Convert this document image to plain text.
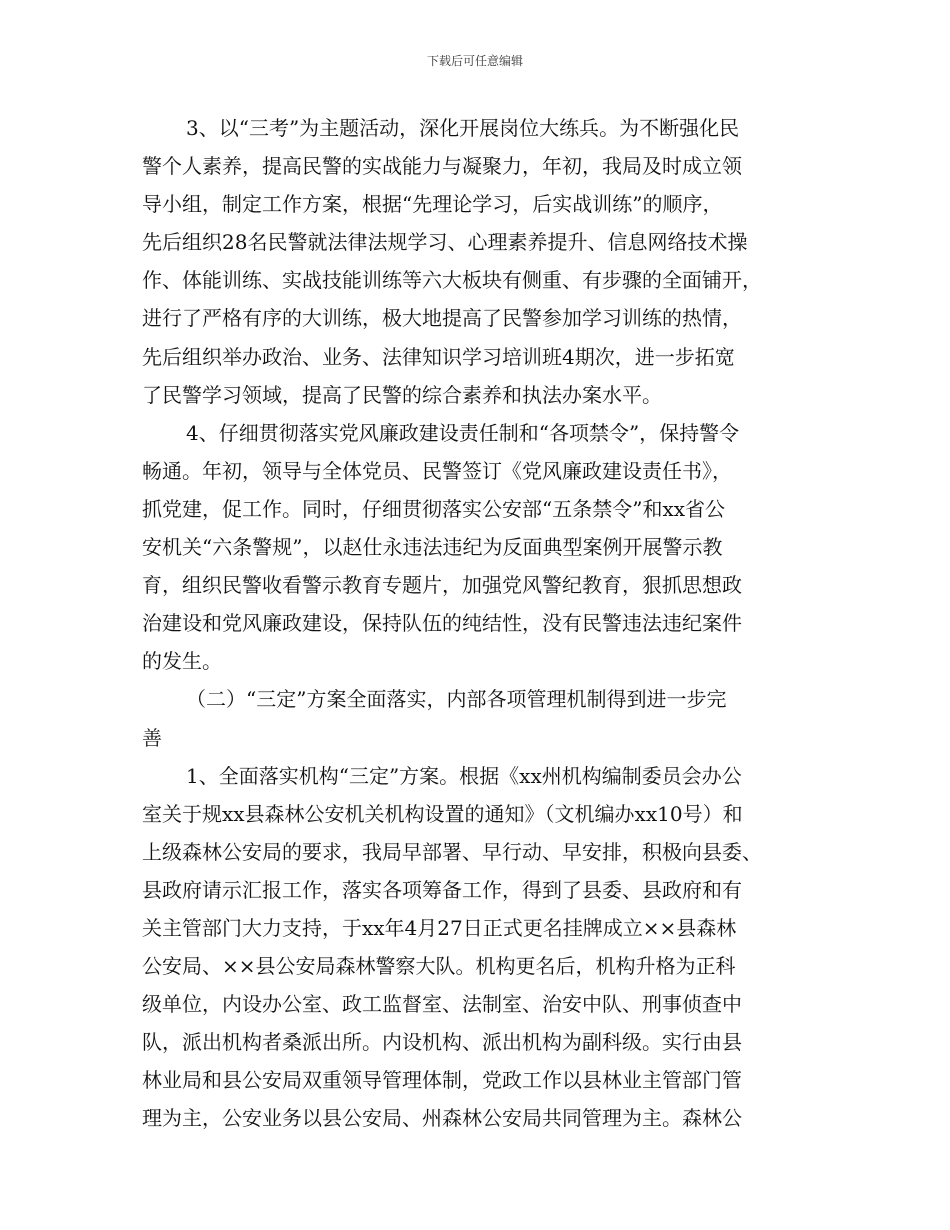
下载后可任意编辑
3、以“三考”为主题活动，深化开展岗位大练兵。为不断强化民
警个人素养，提高民警的实战能力与凝聚力，年初，我局及时成立领
导小组，制定工作方案，根据“先理论学习，后实战训练”的顺序，
先后组织28名民警就法律法规学习、心理素养提升、信息网络技术操
作、体能训练、实战技能训练等六大板块有侧重、有步骤的全面铺开，
进行了严格有序的大训练，极大地提高了民警参加学习训练的热情，
先后组织举办政治、业务、法律知识学习培训班4期次，进一步拓宽
了民警学习领域，提高了民警的综合素养和执法办案水平。
4、仔细贯彻落实党风廉政建设责任制和“各项禁令”，保持警令
畅通。年初，领导与全体党员、民警签订《党风廉政建设责任书》，
抓党建，促工作。同时，仔细贯彻落实公安部“五条禁令”和xx省公
安机关“六条警规”，以赵仕永违法违纪为反面典型案例开展警示教
育，组织民警收看警示教育专题片，加强党风警纪教育，狠抓思想政
治建设和党风廉政建设，保持队伍的纯结性，没有民警违法违纪案件
的发生。
（二）“三定”方案全面落实，内部各项管理机制得到进一步完
善
1、全面落实机构“三定”方案。根据《xx州机构编制委员会办公
室关于规xx县森林公安机关机构设置的通知》（文机编办xx10号）和
上级森林公安局的要求，我局早部署、早行动、早安排，积极向县委、
县政府请示汇报工作，落实各项筹备工作，得到了县委、县政府和有
关主管部门大力支持，于xx年4月27日正式更名挂牌成立××县森林
公安局、××县公安局森林警察大队。机构更名后，机构升格为正科
级单位，内设办公室、政工监督室、法制室、治安中队、刑事侦查中
队，派出机构者桑派出所。内设机构、派出机构为副科级。实行由县
林业局和县公安局双重领导管理体制，党政工作以县林业主管部门管
理为主，公安业务以县公安局、州森林公安局共同管理为主。森林公
